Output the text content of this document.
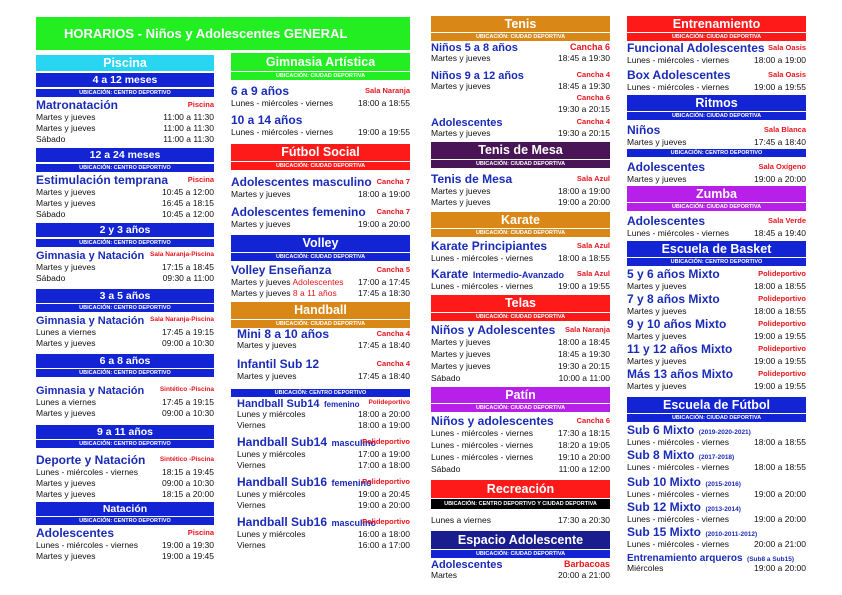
HORARIOS - Niños y Adolescentes GENERAL
Piscina
4 a 12 meses
UBICACIÓN: CENTRO DEPORTIVO
Matronatación	Piscina
Martes y jueves	11:00 a 11:30
Martes y jueves	11:00 a 11:30
Sábado	11:00 a 11:30
12 a 24 meses
UBICACIÓN: CENTRO DEPORTIVO
Estimulación temprana	Piscina
Martes y jueves	10:45 a 12:00
Martes y jueves	16:45 a 18:15
Sábado	10:45 a 12:00
2 y 3 años
UBICACIÓN: CENTRO DEPORTIVO
Gimnasia y Natación Sala Naranja-Piscina
Martes y jueves	17:15 a 18:45
Sábado	09:30 a 11:00
3 a 5 años
UBICACIÓN: CENTRO DEPORTIVO
Gimnasia y Natación Sala Naranja-Piscina
Lunes a viernes	17:45 a 19:15
Martes y jueves	09:00 a 10:30
6 a 8 años
UBICACIÓN: CENTRO DEPORTIVO
Gimnasia y Natación Sintético -Piscina
Lunes a viernes	17:45 a 19:15
Martes y jueves	09:00 a 10:30
9 a 11 años
UBICACIÓN: CENTRO DEPORTIVO
Deporte y Natación Sintético -Piscina
Lunes - miércoles - viernes	18:15 a 19:45
Martes y jueves	09:00 a 10:30
Martes y jueves	18:15 a 20:00
Natación
UBICACIÓN: CENTRO DEPORTIVO
Adolescentes	Piscina
Lunes - miércoles - viernes	19:00 a 19:30
Martes y jueves	19:00 a 19:45
Gimnasia Artística
UBICACIÓN: CIUDAD DEPORTIVA
6 a 9 años	Sala Naranja
Lunes - miércoles - viernes	18:00 a 18:55
10 a 14 años
Lunes - miércoles - viernes	19:00 a 19:55
Fútbol Social
UBICACIÓN: CIUDAD DEPORTIVA
Adolescentes masculino Cancha 7
Martes y jueves	18:00 a 19:00
Adolescentes femenino Cancha 7
Martes y jueves	19:00 a 20:00
Volley
UBICACIÓN: CIUDAD DEPORTIVA
Volley Enseñanza	Cancha 5
Martes y jueves Adolescentes 17:00 a 17:45
Martes y jueves 8 a 11 años	17:45 a 18:30
Handball
UBICACIÓN: CIUDAD DEPORTIVA
Mini 8 a 10 años	Cancha 4
Martes y jueves	17:45 a 18:40
Infantil Sub 12	Cancha 4
Martes y jueves	17:45 a 18:40
UBICACIÓN: CENTRO DEPORTIVO
Handball Sub14 femenino Polideportivo
Lunes y miércoles	18:00 a 20:00
Viernes	18:00 a 19:00
Handball Sub14 masculino
Polideportivo
Lunes y miércoles	17:00 a 19:00
Viernes	17:00 a 18:00
Handball Sub16 femenino
Polideportivo
Lunes y miércoles	19:00 a 20:45
Viernes	19:00 a 20:00
Handball Sub16 masculino
Polideportivo
Lunes y miércoles	16:00 a 18:00
Viernes	16:00 a 17:00
Tenis
UBICACIÓN: CIUDAD DEPORTIVA
Niños 5 a 8 años	Cancha 6
Martes y jueves	18:45 a 19:30
Niños 9 a 12 años	Cancha 4
Martes y jueves	18:45 a 19:30
Cancha 6
19:30 a 20:15
Adolescentes	Cancha 4
Martes y jueves	19:30 a 20:15
Tenis de Mesa
UBICACIÓN: CIUDAD DEPORTIVA
Tenis de Mesa	Sala Azul
Martes y jueves	18:00 a 19:00
Martes y jueves	19:00 a 20:00
Karate
UBICACIÓN: CIUDAD DEPORTIVA
Karate Principiantes	Sala Azul
Lunes - miércoles - viernes	18:00 a 18:55
Karate Intermedio-Avanzado Sala Azul
Lunes - miércoles - viernes	19:00 a 19:55
Telas
UBICACIÓN: CIUDAD DEPORTIVA
Niños y Adolescentes Sala Naranja
Martes y jueves	18:00 a 18:45
Martes y jueves	18:45 a 19:30
Martes y jueves	19:30 a 20:15
Sábado	10:00 a 11:00
Patín
UBICACIÓN: CIUDAD DEPORTIVA
Niños y adolescentes	Cancha 6
Lunes - miércoles - viernes	17:30 a 18:15
Lunes - miércoles - viernes	18:20 a 19:05
Lunes - miércoles - viernes	19:10 a 20:00
Sábado	11:00 a 12:00
Recreación
UBICACIÓN: CENTRO DEPORTIVO Y CIUDAD DEPORTIVA
Lunes a viernes	17:30 a 20:30
Espacio Adolescente
UBICACIÓN: CIUDAD DEPORTIVA
Adolescentes	Barbacoas
Martes	20:00 a 21:00
Entrenamiento
UBICACIÓN: CIUDAD DEPORTIVA
Funcional Adolescentes Sala Oasis
Lunes - miércoles - viernes	18:00 a 19:00
Box Adolescentes	Sala Oasis
Lunes - miércoles - viernes	19:00 a 19:55
Ritmos
UBICACIÓN: CIUDAD DEPORTIVA
Niños	Sala Blanca
Martes y jueves	17:45 a 18:40
UBICACIÓN: CENTRO DEPORTIVO
Adolescentes	Sala Oxígeno
Martes y jueves	19:00 a 20:00
Zumba
UBICACIÓN: CIUDAD DEPORTIVA
Adolescentes	Sala Verde
Lunes - miércoles - viernes	18:45 a 19:40
Escuela de Basket
UBICACIÓN: CENTRO DEPORTIVO
5 y 6 años Mixto	Polideportivo
Martes y jueves	18:00 a 18:55
7 y 8 años Mixto	Polideportivo
Martes y jueves	18:00 a 18:55
9 y 10 años Mixto	Polideportivo
Martes y jueves	19:00 a 19:55
11 y 12 años Mixto	Polideportivo
Martes y jueves	19:00 a 19:55
Más 13 años Mixto	Polideportivo
Martes y jueves	19:00 a 19:55
Escuela de Fútbol
UBICACIÓN: CIUDAD DEPORTIVA
Sub 6 Mixto (2019-2020-2021)
Lunes - miércoles - viernes	18:00 a 18:55
Sub 8 Mixto (2017-2018)
Lunes - miércoles - viernes	18:00 a 18:55
Sub 10 Mixto (2015-2016)
Lunes - miércoles - viernes	19:00 a 20:00
Sub 12 Mixto (2013-2014)
Lunes - miércoles - viernes	19:00 a 20:00
Sub 15 Mixto (2010-2011-2012)
Lunes - miércoles - viernes	20:00 a 21:00
Entrenamiento arqueros (Sub8 a Sub15)
Miércoles	19:00 a 20:00
